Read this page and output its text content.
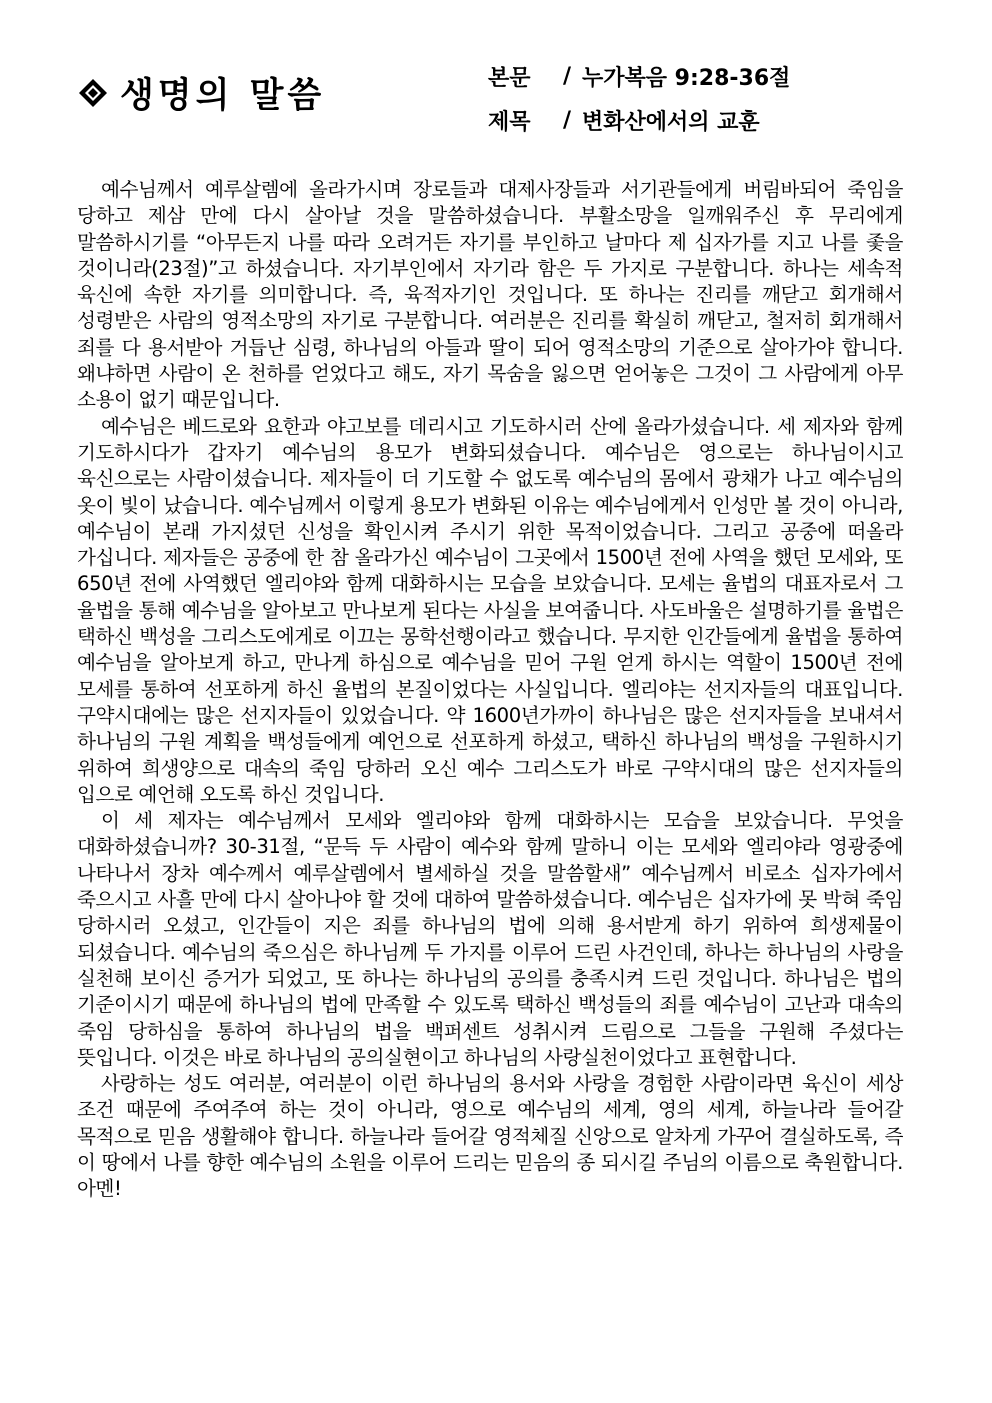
생명의 말씀	본문	/ 누가복음 9:28-36절
제목	/ 변화산에서의 교훈

예수님께서 예루살렘에 올라가시며 장로들과 대제사장들과 서기관들에게 버림바되어 죽임을 당하고 제삼 만에 다시 살아날 것을 말씀하셨습니다. 부활소망을 일깨워주신 후 무리에게 말씀하시기를 “아무든지 나를 따라 오려거든 자기를 부인하고 날마다 제 십자가를 지고 나를 좇을 것이니라(23절)”고 하셨습니다. 자기부인에서 자기라 함은 두 가지로 구분합니다. 하나는 세속적 육신에 속한 자기를 의미합니다. 즉, 육적자기인 것입니다. 또 하나는 진리를 깨닫고 회개해서 성령받은 사람의 영적소망의 자기로 구분합니다. 여러분은 진리를 확실히 깨닫고, 철저히 회개해서 죄를 다 용서받아 거듭난 심령, 하나님의 아들과 딸이 되어 영적소망의 기준으로 살아가야 합니다. 왜냐하면 사람이 온 천하를 얻었다고 해도, 자기 목숨을 잃으면 얻어놓은 그것이 그 사람에게 아무 소용이 없기 때문입니다.

예수님은 베드로와 요한과 야고보를 데리시고 기도하시러 산에 올라가셨습니다. 세 제자와 함께 기도하시다가 갑자기 예수님의 용모가 변화되셨습니다. 예수님은 영으로는 하나님이시고 육신으로는 사람이셨습니다. 제자들이 더 기도할 수 없도록 예수님의 몸에서 광채가 나고 예수님의 옷이 빛이 났습니다. 예수님께서 이렇게 용모가 변화된 이유는 예수님에게서 인성만 볼 것이 아니라, 예수님이 본래 가지셨던 신성을 확인시켜 주시기 위한 목적이었습니다. 그리고 공중에 떠올라 가십니다. 제자들은 공중에 한 참 올라가신 예수님이 그곳에서 1500년 전에 사역을 했던 모세와, 또 650년 전에 사역했던 엘리야와 함께 대화하시는 모습을 보았습니다. 모세는 율법의 대표자로서 그 율법을 통해 예수님을 알아보고 만나보게 된다는 사실을 보여줍니다. 사도바울은 설명하기를 율법은 택하신 백성을 그리스도에게로 이끄는 몽학선행이라고 했습니다. 무지한 인간들에게 율법을 통하여 예수님을 알아보게 하고, 만나게 하심으로 예수님을 믿어 구원 얻게 하시는 역할이 1500년 전에 모세를 통하여 선포하게 하신 율법의 본질이었다는 사실입니다. 엘리야는 선지자들의 대표입니다. 구약시대에는 많은 선지자들이 있었습니다. 약 1600년가까이 하나님은 많은 선지자들을 보내셔서 하나님의 구원 계획을 백성들에게 예언으로 선포하게 하셨고, 택하신 하나님의 백성을 구원하시기 위하여 희생양으로 대속의 죽임 당하러 오신 예수 그리스도가 바로 구약시대의 많은 선지자들의 입으로 예언해 오도록 하신 것입니다.

이 세 제자는 예수님께서 모세와 엘리야와 함께 대화하시는 모습을 보았습니다. 무엇을 대화하셨습니까? 30-31절, “문득 두 사람이 예수와 함께 말하니 이는 모세와 엘리야라 영광중에 나타나서 장차 예수께서 예루살렘에서 별세하실 것을 말씀할새” 예수님께서 비로소 십자가에서 죽으시고 사흘 만에 다시 살아나야 할 것에 대하여 말씀하셨습니다. 예수님은 십자가에 못 박혀 죽임 당하시러 오셨고, 인간들이 지은 죄를 하나님의 법에 의해 용서받게 하기 위하여 희생제물이 되셨습니다. 예수님의 죽으심은 하나님께 두 가지를 이루어 드린 사건인데, 하나는 하나님의 사랑을 실천해 보이신 증거가 되었고, 또 하나는 하나님의 공의를 충족시켜 드린 것입니다. 하나님은 법의 기준이시기 때문에 하나님의 법에 만족할 수 있도록 택하신 백성들의 죄를 예수님이 고난과 대속의 죽임 당하심을 통하여 하나님의 법을 백퍼센트 성취시켜 드림으로 그들을 구원해 주셨다는 뜻입니다. 이것은 바로 하나님의 공의실현이고 하나님의 사랑실천이었다고 표현합니다.

사랑하는 성도 여러분, 여러분이 이런 하나님의 용서와 사랑을 경험한 사람이라면 육신이 세상 조건 때문에 주여주여 하는 것이 아니라, 영으로 예수님의 세계, 영의 세계, 하늘나라 들어갈 목적으로 믿음 생활해야 합니다. 하늘나라 들어갈 영적체질 신앙으로 알차게 가꾸어 결실하도록, 즉 이 땅에서 나를 향한 예수님의 소원을 이루어 드리는 믿음의 종 되시길 주님의 이름으로 축원합니다. 아멘!
